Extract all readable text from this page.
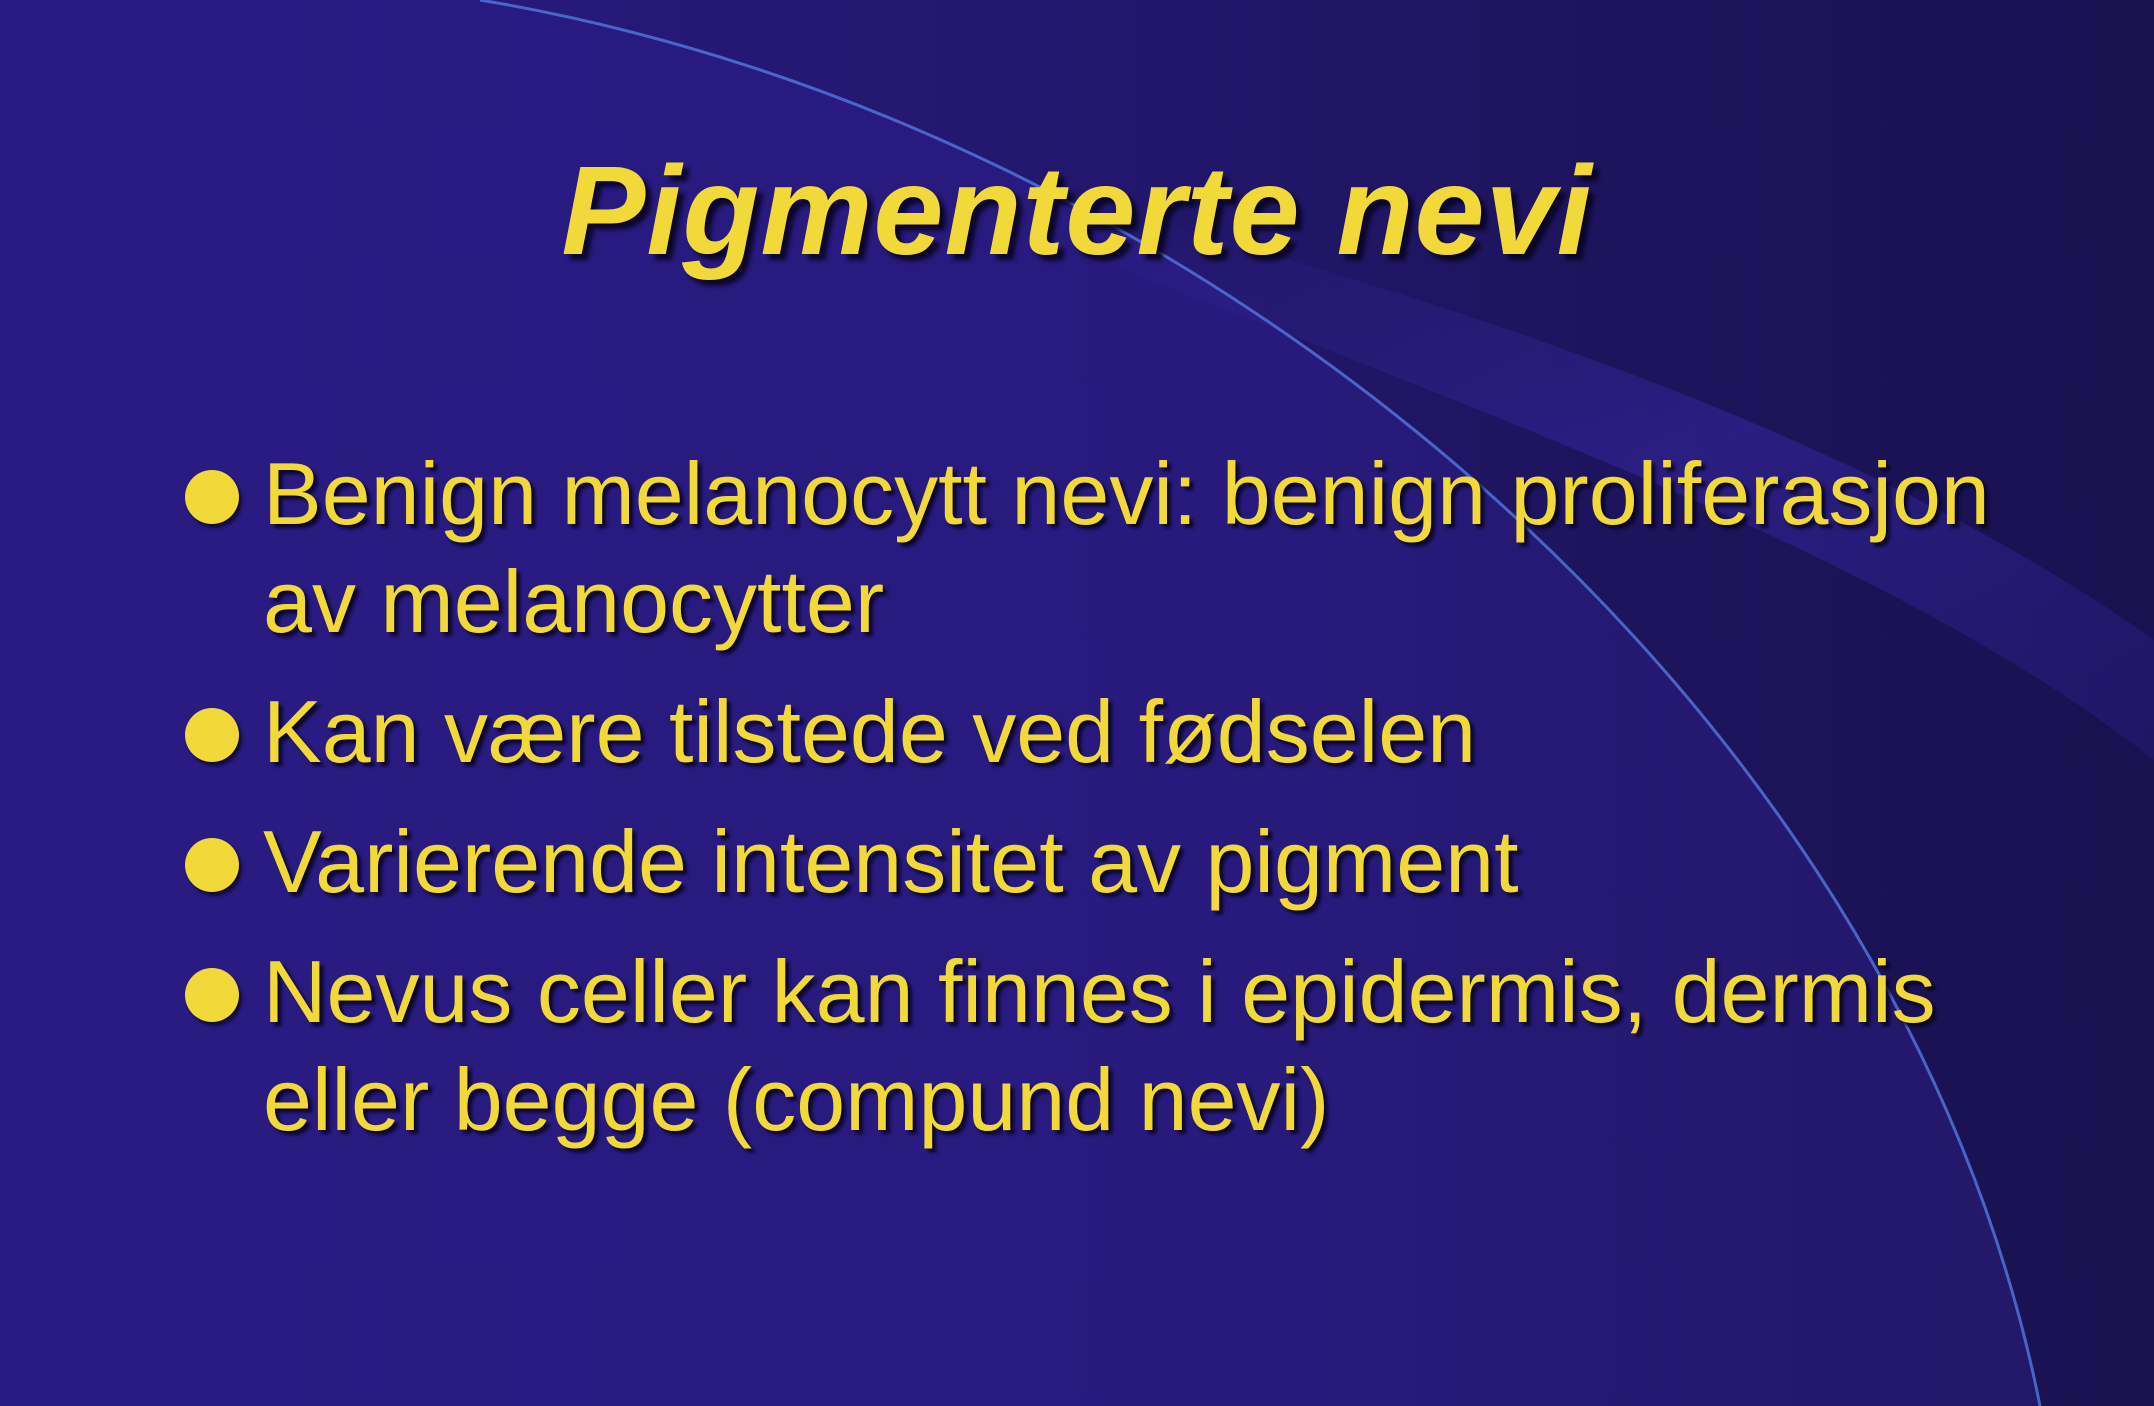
Pigmenterte nevi
Benign melanocytt nevi: benign proliferasjon av melanocytter
Kan være tilstede ved fødselen
Varierende intensitet av pigment
Nevus celler kan finnes i epidermis, dermis eller begge (compund nevi)
